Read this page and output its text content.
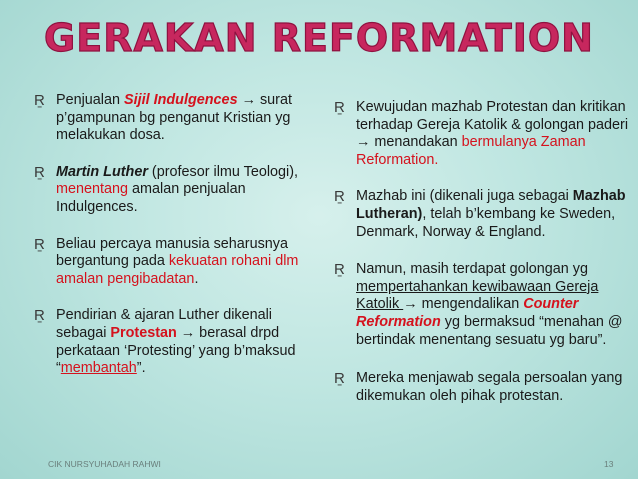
GERAKAN REFORMATION
Ṟ Penjualan Sijil Indulgences → surat p’gampunan bg penganut Kristian yg melakukan dosa.
Ṟ Martin Luther (profesor ilmu Teologi), menentang amalan penjualan Indulgences.
Ṟ Beliau percaya manusia seharusnya bergantung pada kekuatan rohani dlm amalan pengibadatan.
Ṟ Pendirian & ajaran Luther dikenali sebagai Protestan → berasal drpd perkataan ‘Protesting’ yang b’maksud “membantah”.
Ṟ Kewujudan mazhab Protestan dan kritikan terhadap Gereja Katolik & golongan paderi → menandakan bermulanya Zaman Reformation.
Ṟ Mazhab ini (dikenali juga sebagai Mazhab Lutheran), telah b’kembang ke Sweden, Denmark, Norway & England.
Ṟ Namun, masih terdapat golongan yg mempertahankan kewibawaan Gereja Katolik → mengendalikan Counter Reformation yg bermaksud “menahan @ bertindak menentang sesuatu yg baru”.
Ṟ Mereka menjawab segala persoalan yang dikemukan oleh pihak protestan.
CIK NURSYUHADAH RAHWI	13
